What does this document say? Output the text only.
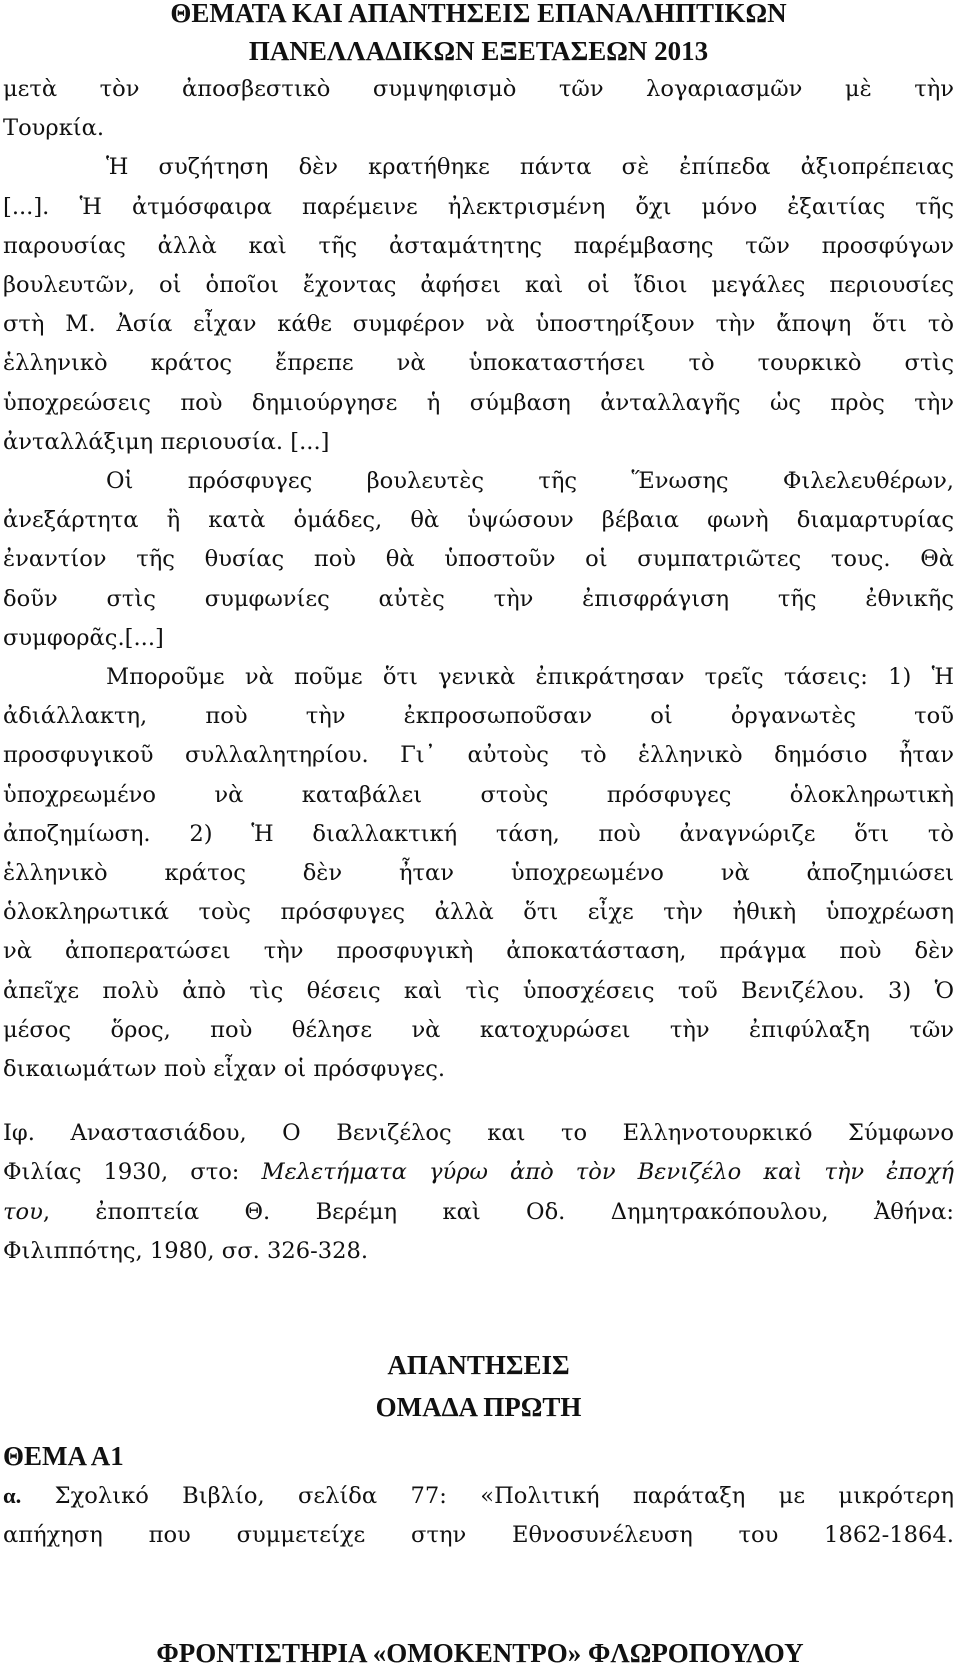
ΘΕΜΑΤΑ ΚΑΙ ΑΠΑΝΤΗΣΕΙΣ ΕΠΑΝΑΛΗΠΤΙΚΩΝ
ΠΑΝΕΛΛΑΔΙΚΩΝ ΕΞΕΤΑΣΕΩΝ 2013
μετὰ τὸν ἀποσβεστικὸ συμψηφισμὸ τῶν λογαριασμῶν μὲ τὴν
Τουρκία.
Ἡ συζήτηση δὲν κρατήθηκε πάντα σὲ ἐπίπεδα ἀξιοπρέπειας
[...]. Ἡ ἀτμόσφαιρα παρέμεινε ἠλεκτρισμένη ὄχι μόνο ἐξαιτίας τῆς
παρουσίας ἀλλὰ καὶ τῆς ἀσταμάτητης παρέμβασης τῶν προσφύγων
βουλευτῶν, οἱ ὁποῖοι ἔχοντας ἀφήσει καὶ οἱ ἴδιοι μεγάλες περιουσίες
στὴ Μ. Ἀσία εἶχαν κάθε συμφέρον νὰ ὑποστηρίξουν τὴν ἄποψη ὅτι τὸ
ἑλληνικὸ κράτος ἔπρεπε νὰ ὑποκαταστήσει τὸ τουρκικὸ στὶς
ὑποχρεώσεις ποὺ δημιούργησε ἡ σύμβαση ἀνταλλαγῆς ὡς πρὸς τὴν
ἀνταλλάξιμη περιουσία. [...]
Οἱ πρόσφυγες βουλευτὲς τῆς Ἕνωσης Φιλελευθέρων,
ἀνεξάρτητα ἢ κατὰ ὁμάδες, θὰ ὑψώσουν βέβαια φωνὴ διαμαρτυρίας
ἐναντίον τῆς θυσίας ποὺ θὰ ὑποστοῦν οἱ συμπατριῶτες τους. Θὰ
δοῦν στὶς συμφωνίες αὐτὲς τὴν ἐπισφράγιση τῆς ἐθνικῆς
συμφορᾶς.[...]
Μποροῦμε νὰ ποῦμε ὅτι γενικὰ ἐπικράτησαν τρεῖς τάσεις: 1) Ἡ
ἀδιάλλακτη, ποὺ τὴν ἐκπροσωποῦσαν οἱ ὀργανωτὲς τοῦ
προσφυγικοῦ συλλαλητηρίου. Γι᾽ αὐτοὺς τὸ ἑλληνικὸ δημόσιο ἦταν
ὑποχρεωμένο νὰ καταβάλει στοὺς πρόσφυγες ὁλοκληρωτικὴ
ἀποζημίωση. 2) Ἡ διαλλακτική τάση, ποὺ ἀναγνώριζε ὅτι τὸ
ἑλληνικὸ κράτος δὲν ἦταν ὑποχρεωμένο νὰ ἀποζημιώσει
ὁλοκληρωτικά τοὺς πρόσφυγες ἀλλὰ ὅτι εἶχε τὴν ἠθικὴ ὑποχρέωση
νὰ ἀποπερατώσει τὴν προσφυγικὴ ἀποκατάσταση, πράγμα ποὺ δὲν
ἀπεῖχε πολὺ ἀπὸ τὶς θέσεις καὶ τὶς ὑποσχέσεις τοῦ Βενιζέλου. 3) Ὁ
μέσος ὅρος, ποὺ θέλησε νὰ κατοχυρώσει τὴν ἐπιφύλαξη τῶν
δικαιωμάτων ποὺ εἶχαν οἱ πρόσφυγες.
Ιφ. Αναστασιάδου, Ο Βενιζέλος και το Ελληνοτουρκικό Σύμφωνο
Φιλίας 1930, στο: Μελετήματα γύρω ἀπὸ τὸν Βενιζέλο καὶ τὴν ἐποχή
του, ἐποπτεία Θ. Βερέμη καὶ Οδ. Δημητρακόπουλου, Ἀθήνα:
Φιλιππότης, 1980, σσ. 326-328.
ΑΠΑΝΤΗΣΕΙΣ
ΟΜΑΔΑ ΠΡΩΤΗ
ΘΕΜΑ Α1
α. Σχολικό Βιβλίο, σελίδα 77: «Πολιτική παράταξη με μικρότερη
απήχηση που συμμετείχε στην Εθνοσυνέλευση του 1862-1864.
ΦΡΟΝΤΙΣΤΗΡΙΑ «ΟΜΟΚΕΝΤΡΟ» ΦΛΩΡΟΠΟΥΛΟΥ
